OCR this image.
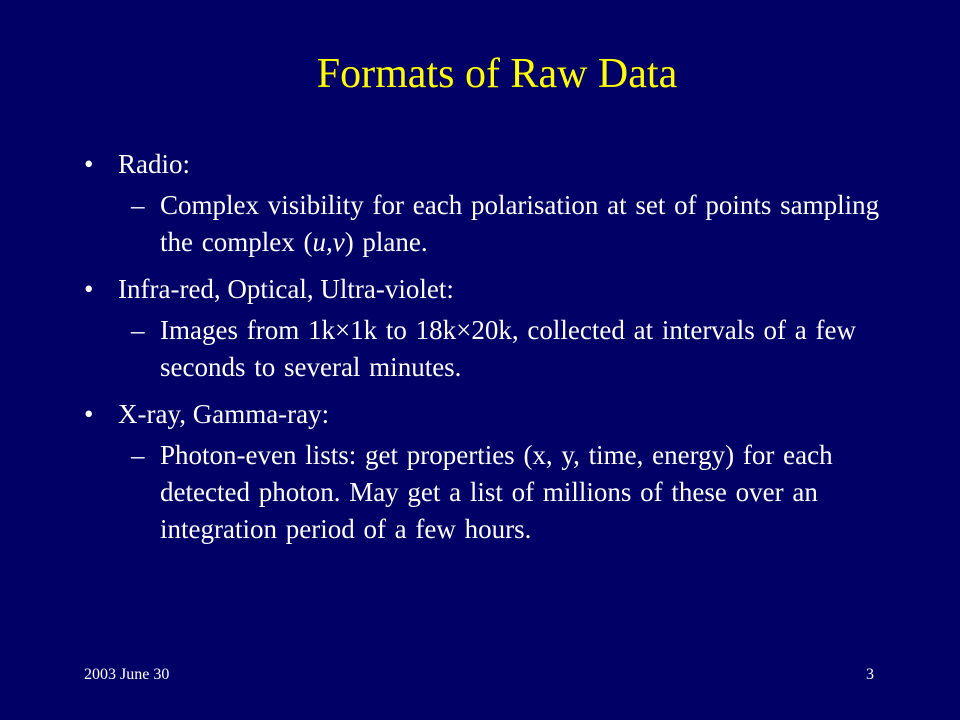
Formats of Raw Data
• Radio:
– Complex visibility for each polarisation at set of points sampling the complex (u,v) plane.
• Infra-red, Optical, Ultra-violet:
– Images from 1k×1k to 18k×20k, collected at intervals of a few seconds to several minutes.
• X-ray, Gamma-ray:
– Photon-even lists: get properties (x, y, time, energy) for each detected photon. May get a list of millions of these over an integration period of a few hours.
2003 June 30	3
